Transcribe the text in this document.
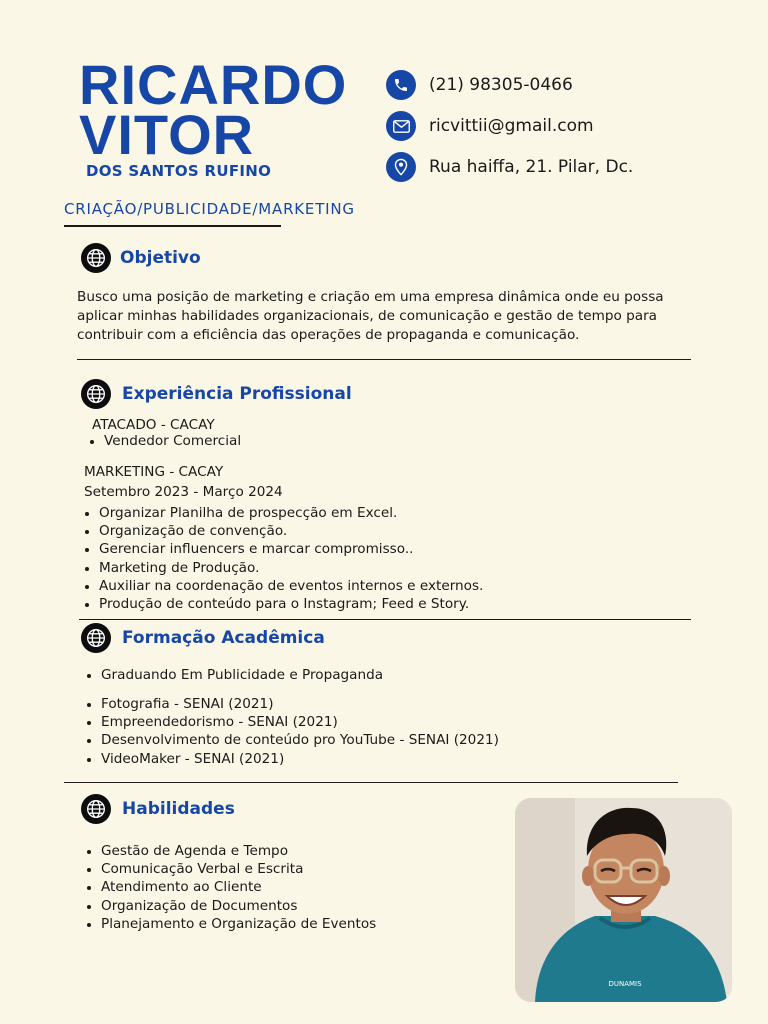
RICARDO
VITOR
DOS SANTOS RUFINO
CRIAÇÃO/PUBLICIDADE/MARKETING
(21) 98305-0466
ricvittii@gmail.com
Rua haiffa, 21. Pilar, Dc.
Objetivo
Busco uma posição de marketing e criação em uma empresa dinâmica onde eu possa aplicar minhas habilidades organizacionais, de comunicação e gestão de tempo para contribuir com a eficiência das operações de propaganda e comunicação.
Experiência Profissional
ATACADO - CACAY
Vendedor Comercial
MARKETING - CACAY
Setembro 2023 - Março 2024
Organizar Planilha de prospecção em Excel.
Organização de convenção.
Gerenciar influencers e marcar compromisso..
Marketing de Produção.
Auxiliar na coordenação de eventos internos e externos.
Produção de conteúdo para o Instagram; Feed e Story.
Formação Acadêmica
Graduando Em Publicidade e Propaganda
Fotografia - SENAI (2021)
Empreendedorismo - SENAI (2021)
Desenvolvimento de conteúdo pro YouTube - SENAI (2021)
VideoMaker - SENAI (2021)
Habilidades
Gestão de Agenda e Tempo
Comunicação Verbal e Escrita
Atendimento ao Cliente
Organização de Documentos
Planejamento e Organização de Eventos
DUNAMIS
